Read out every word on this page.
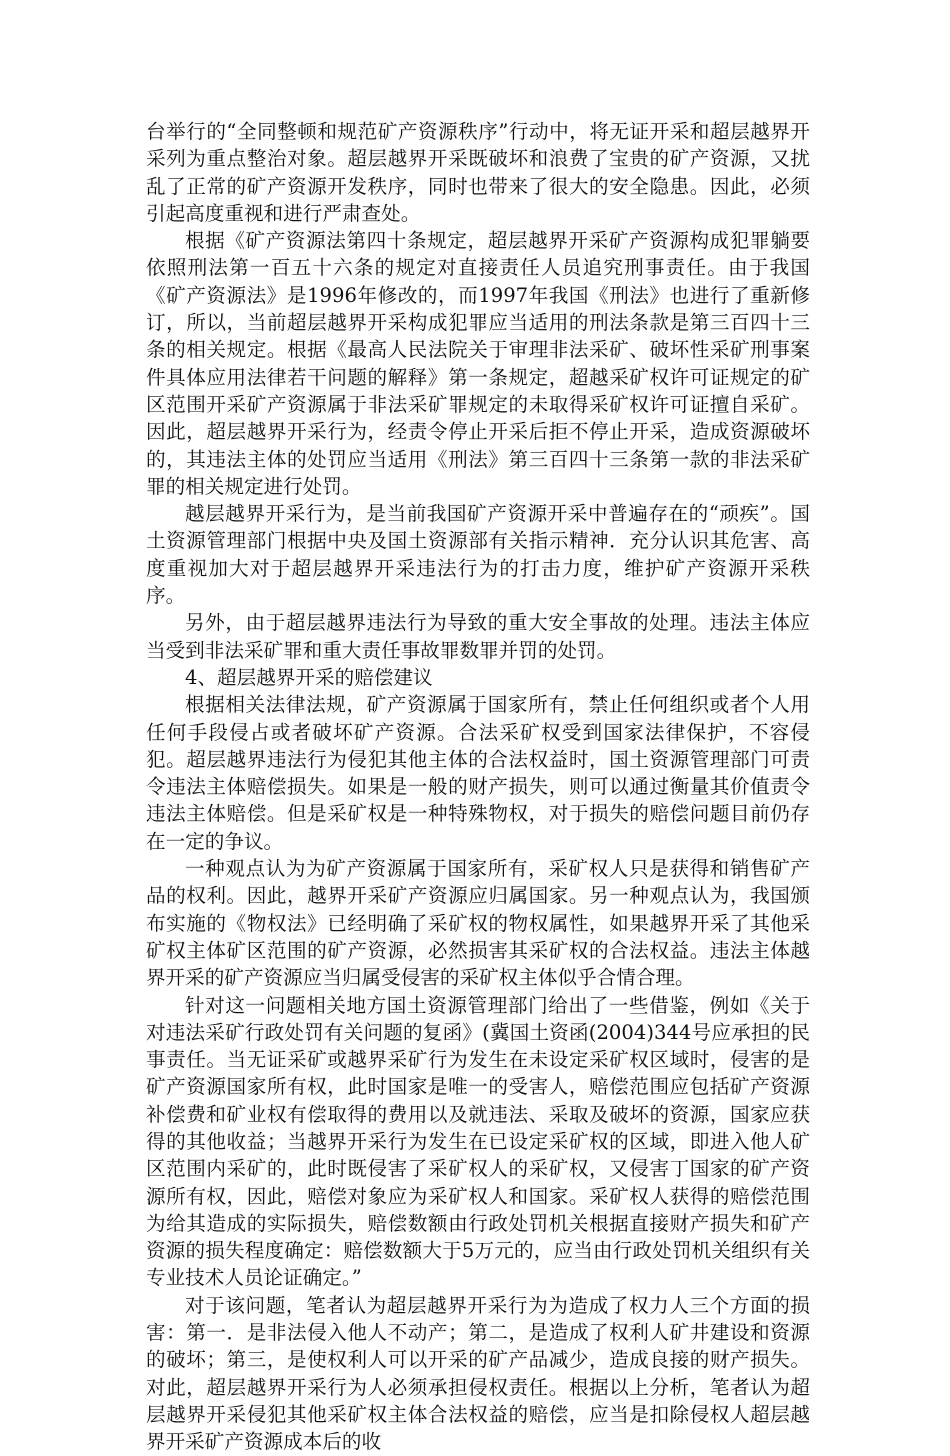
台举行的“全同整顿和规范矿产资源秩序”行动中，将无证开采和超层越界开采列为重点整治对象。超层越界开采既破坏和浪费了宝贵的矿产资源，又扰乱了正常的矿产资源开发秩序，同时也带来了很大的安全隐患。因此，必须引起高度重视和进行严肃查处。

根据《矿产资源法第四十条规定，超层越界开采矿产资源构成犯罪躺要依照刑法第一百五十六条的规定对直接责任人员追究刑事责任。由于我国《矿产资源法》是1996年修改的，而1997年我国《刑法》也进行了重新修订，所以，当前超层越界开采构成犯罪应当适用的刑法条款是第三百四十三条的相关规定。根据《最高人民法院关于审理非法采矿、破坏性采矿刑事案件具体应用法律若干问题的解释》第一条规定，超越采矿权许可证规定的矿区范围开采矿产资源属于非法采矿罪规定的未取得采矿权许可证擅自采矿。因此，超层越界开采行为，经责令停止开采后拒不停止开采，造成资源破坏的，其违法主体的处罚应当适用《刑法》第三百四十三条第一款的非法采矿罪的相关规定进行处罚。

越层越界开采行为，是当前我国矿产资源开采中普遍存在的“顽疾”。国土资源管理部门根据中央及国土资源部有关指示精神．充分认识其危害、高度重视加大对于超层越界开采违法行为的打击力度，维护矿产资源开采秩序。

另外，由于超层越界违法行为导致的重大安全事故的处理。违法主体应当受到非法采矿罪和重大责任事故罪数罪并罚的处罚。

4、超层越界开采的赔偿建议

根据相关法律法规，矿产资源属于国家所有，禁止任何组织或者个人用任何手段侵占或者破坏矿产资源。合法采矿权受到国家法律保护，不容侵犯。超层越界违法行为侵犯其他主体的合法权益时，国土资源管理部门可责令违法主体赔偿损失。如果是一般的财产损失，则可以通过衡量其价值责令违法主体赔偿。但是采矿权是一种特殊物权，对于损失的赔偿问题目前仍存在一定的争议。

一种观点认为为矿产资源属于国家所有，采矿权人只是获得和销售矿产品的权利。因此，越界开采矿产资源应归属国家。另一种观点认为，我国颁布实施的《物权法》已经明确了采矿权的物权属性，如果越界开采了其他采矿权主体矿区范围的矿产资源，必然损害其采矿权的合法权益。违法主体越界开采的矿产资源应当归属受侵害的采矿权主体似乎合情合理。

针对这一问题相关地方国土资源管理部门给出了一些借鉴，例如《关于对违法采矿行政处罚有关问题的复函》(冀国土资函(2004)344号应承担的民事责任。当无证采矿或越界采矿行为发生在未设定采矿权区域时，侵害的是矿产资源国家所有权，此时国家是唯一的受害人，赔偿范围应包括矿产资源补偿费和矿业权有偿取得的费用以及就违法、采取及破坏的资源，国家应获得的其他收益；当越界开采行为发生在已设定采矿权的区域，即进入他人矿区范围内采矿的，此时既侵害了采矿权人的采矿权，又侵害丁国家的矿产资源所有权，因此，赔偿对象应为采矿权人和国家。采矿权人获得的赔偿范围为给其造成的实际损失，赔偿数额由行政处罚机关根据直接财产损失和矿产资源的损失程度确定：赔偿数额大于5万元的，应当由行政处罚机关组织有关专业技术人员论证确定。”

对于该问题，笔者认为超层越界开采行为为造成了权力人三个方面的损害：第一．是非法侵入他人不动产；第二，是造成了权利人矿井建设和资源的破坏；第三，是使权利人可以开采的矿产品减少，造成良接的财产损失。对此，超层越界开采行为人必须承担侵权责任。根据以上分析，笔者认为超层越界开采侵犯其他采矿权主体合法权益的赔偿，应当是扣除侵权人超层越界开采矿产资源成本后的收
